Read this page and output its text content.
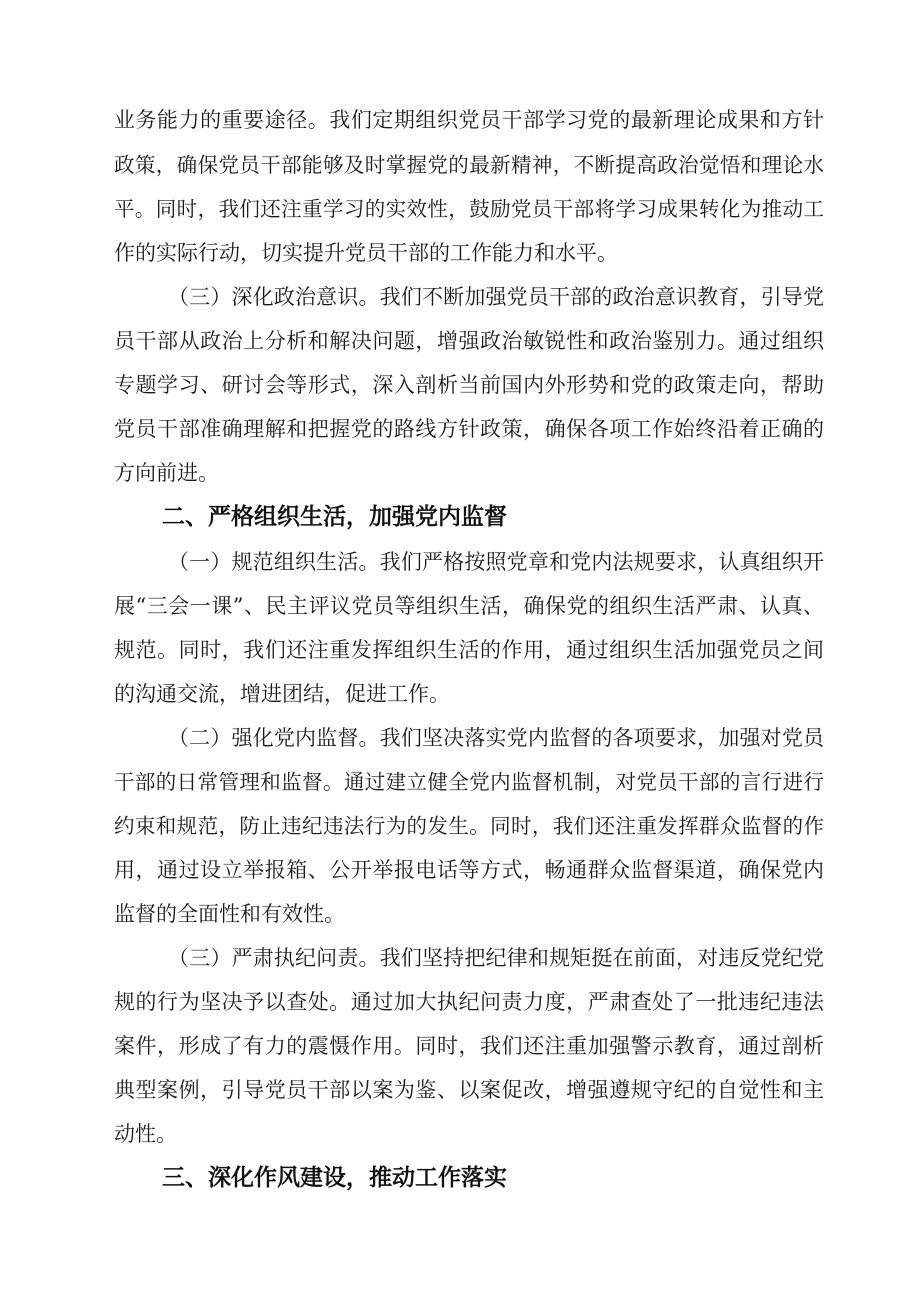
业务能力的重要途径。我们定期组织党员干部学习党的最新理论成果和方针
政策，确保党员干部能够及时掌握党的最新精神，不断提高政治觉悟和理论水
平。同时，我们还注重学习的实效性，鼓励党员干部将学习成果转化为推动工
作的实际行动，切实提升党员干部的工作能力和水平。
（三）深化政治意识。我们不断加强党员干部的政治意识教育，引导党
员干部从政治上分析和解决问题，增强政治敏锐性和政治鉴别力。通过组织
专题学习、研讨会等形式，深入剖析当前国内外形势和党的政策走向，帮助
党员干部准确理解和把握党的路线方针政策，确保各项工作始终沿着正确的
方向前进。
二、严格组织生活，加强党内监督
（一）规范组织生活。我们严格按照党章和党内法规要求，认真组织开
展“三会一课”、民主评议党员等组织生活，确保党的组织生活严肃、认真、
规范。同时，我们还注重发挥组织生活的作用，通过组织生活加强党员之间
的沟通交流，增进团结，促进工作。
（二）强化党内监督。我们坚决落实党内监督的各项要求，加强对党员
干部的日常管理和监督。通过建立健全党内监督机制，对党员干部的言行进行
约束和规范，防止违纪违法行为的发生。同时，我们还注重发挥群众监督的作
用，通过设立举报箱、公开举报电话等方式，畅通群众监督渠道，确保党内
监督的全面性和有效性。
（三）严肃执纪问责。我们坚持把纪律和规矩挺在前面，对违反党纪党
规的行为坚决予以查处。通过加大执纪问责力度，严肃查处了一批违纪违法
案件，形成了有力的震慑作用。同时，我们还注重加强警示教育，通过剖析
典型案例，引导党员干部以案为鉴、以案促改，增强遵规守纪的自觉性和主
动性。
三、深化作风建设，推动工作落实
